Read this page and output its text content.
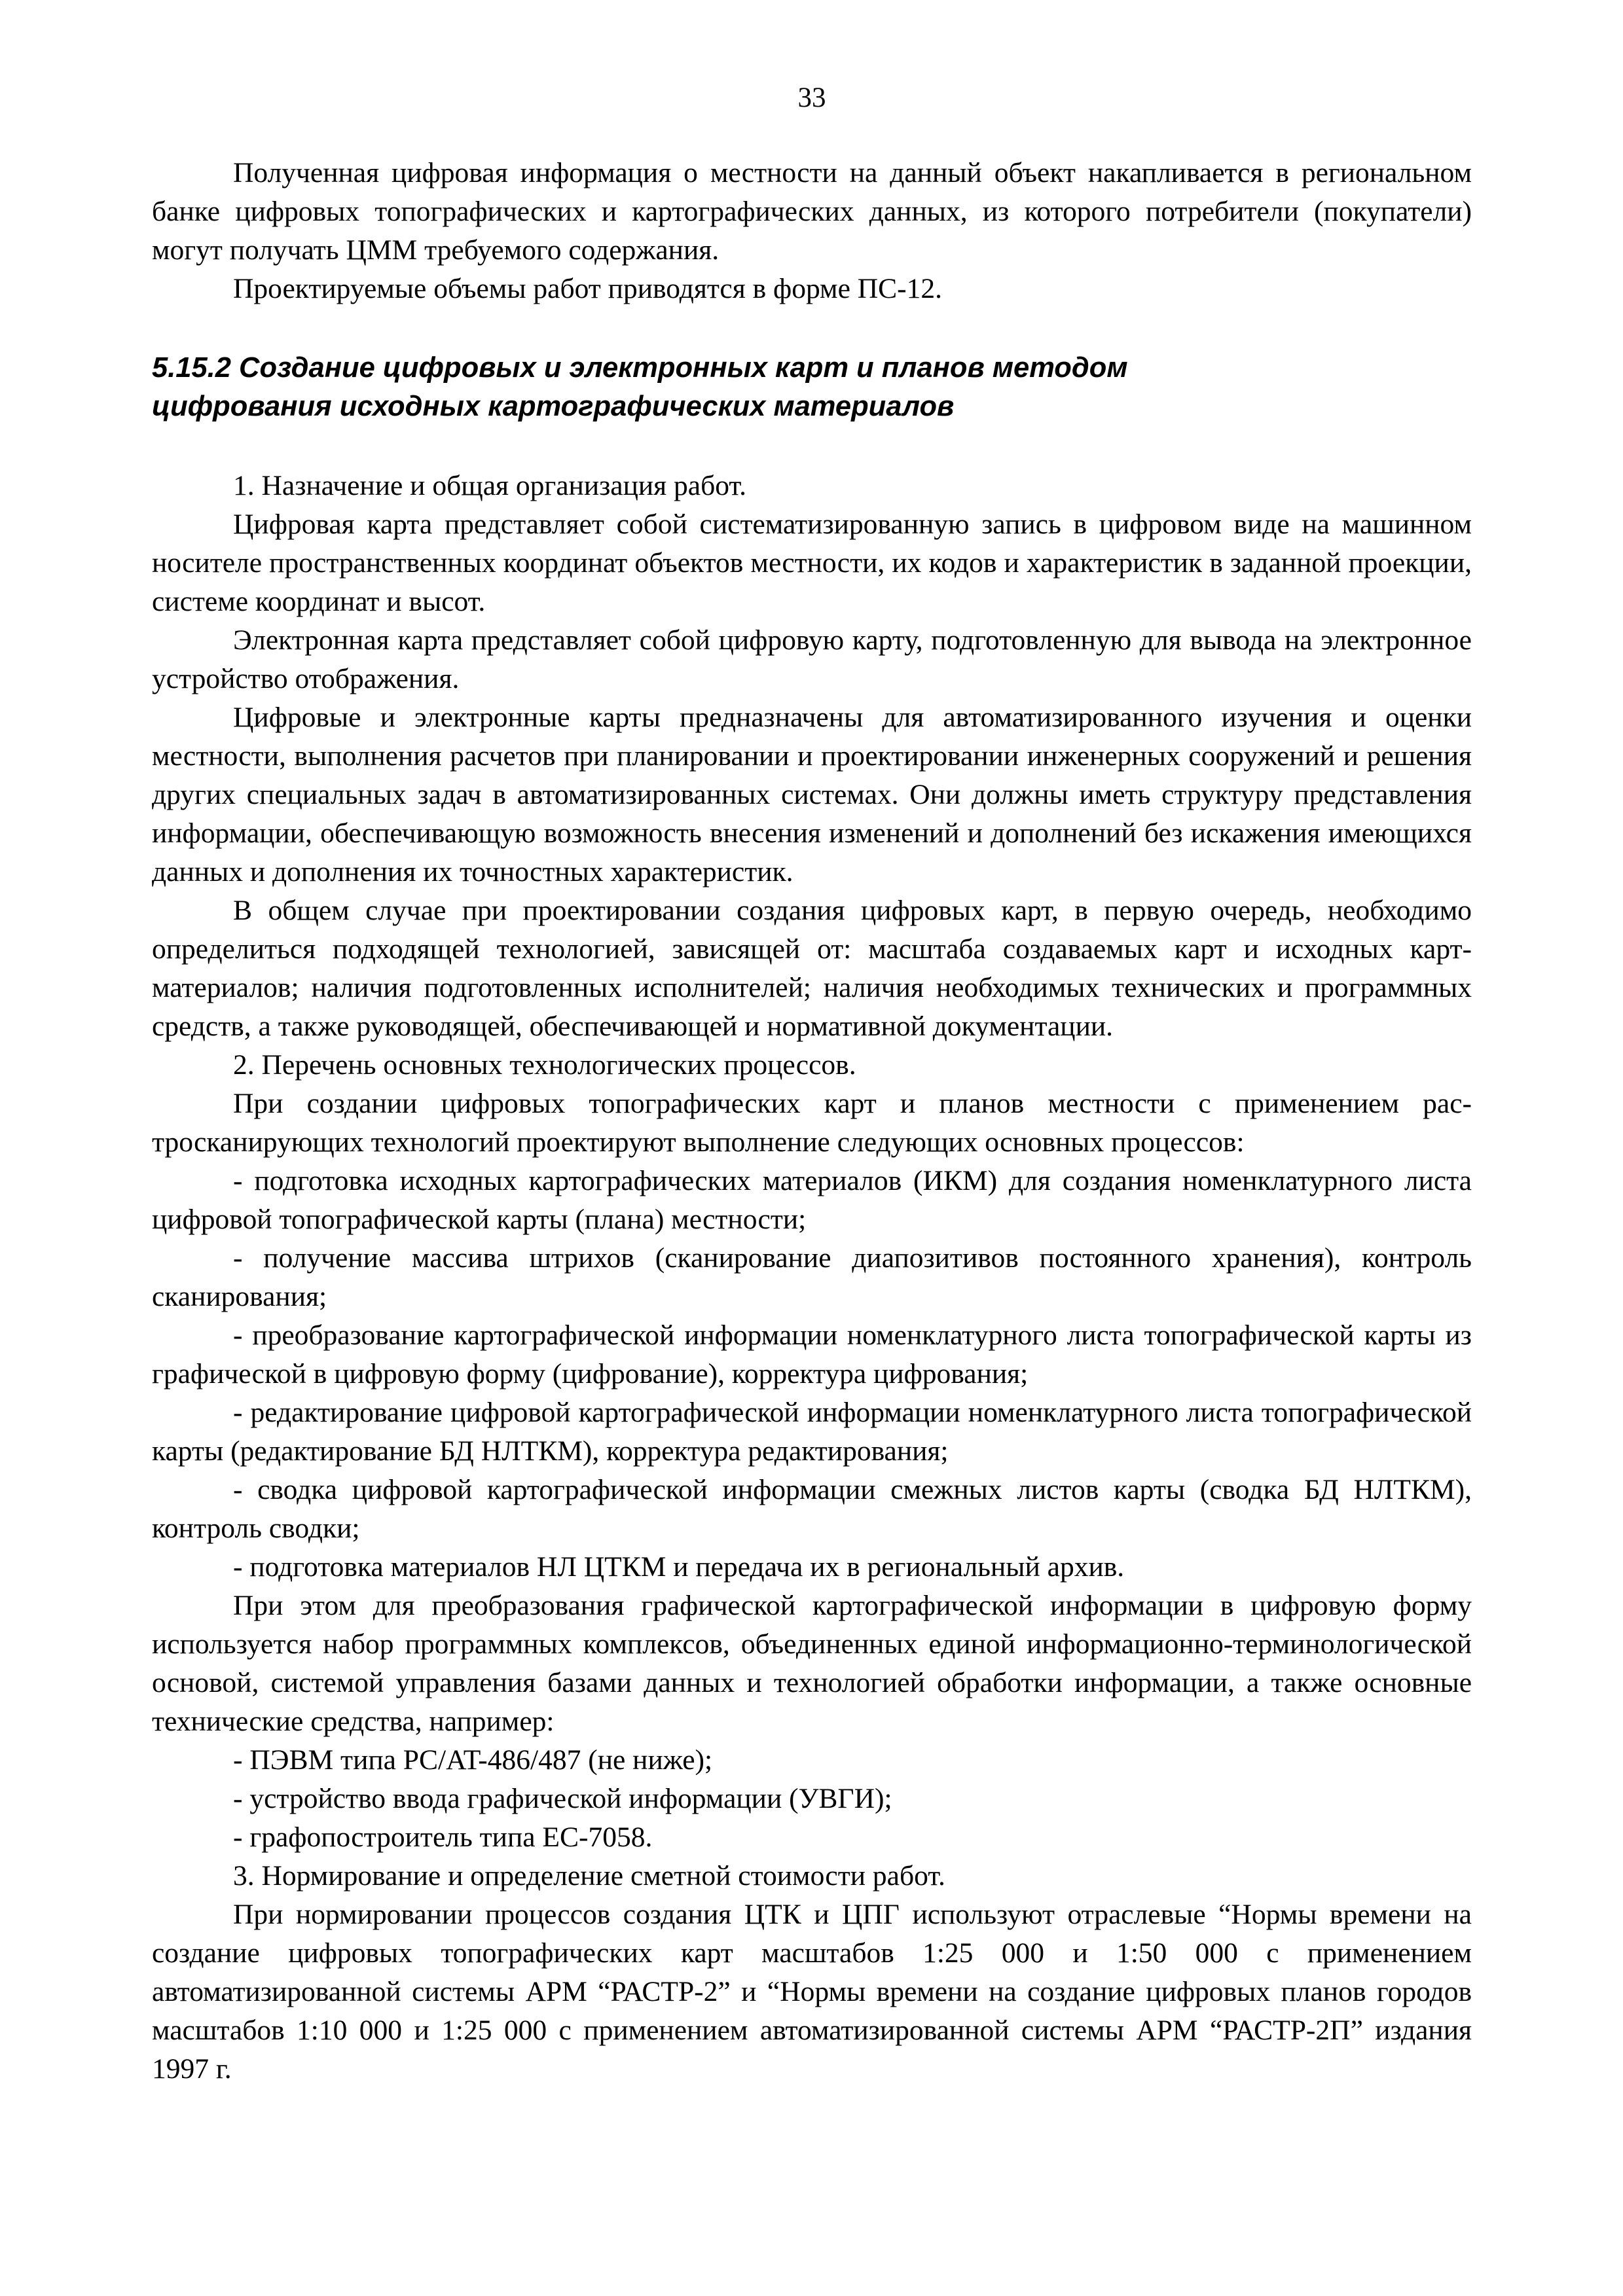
33

Полученная цифровая информация о местности на данный объект накапливается в региональном банке цифровых топографических и картографических данных, из которого потребители (покупатели) могут получать ЦММ требуемого содержания.

Проектируемые объемы работ приводятся в форме ПС-12.

5.15.2 Создание цифровых и электронных карт и планов методом
цифрования исходных картографических материалов

1. Назначение и общая организация работ.

Цифровая карта представляет собой систематизированную запись в цифровом виде на машинном носителе пространственных координат объектов местности, их кодов и характеристик в заданной проекции, системе координат и высот.

Электронная карта представляет собой цифровую карту, подготовленную для вывода на электронное устройство отображения.

Цифровые и электронные карты предназначены для автоматизированного изучения и оценки местности, выполнения расчетов при планировании и проектировании инженерных сооружений и решения других специальных задач в автоматизированных системах. Они должны иметь структуру представления информации, обеспечивающую возможность внесения изменений и дополнений без искажения имеющихся данных и дополнения их точностных характеристик.

В общем случае при проектировании создания цифровых карт, в первую очередь, необходимо определиться подходящей технологией, зависящей от: масштаба создаваемых карт и исходных карт-материалов; наличия подготовленных исполнителей; наличия необходимых технических и программных средств, а также руководящей, обеспечивающей и нормативной документации.

2. Перечень основных технологических процессов.

При создании цифровых топографических карт и планов местности с применением растросканирующих технологий проектируют выполнение следующих основных процессов:

- подготовка исходных картографических материалов (ИКМ) для создания номенклатурного листа цифровой топографической карты (плана) местности;

- получение массива штрихов (сканирование диапозитивов постоянного хранения), контроль сканирования;

- преобразование картографической информации номенклатурного листа топографической карты из графической в цифровую форму (цифрование), корректура цифрования;

- редактирование цифровой картографической информации номенклатурного листа топографической карты (редактирование БД НЛТКМ), корректура редактирования;

- сводка цифровой картографической информации смежных листов карты (сводка БД НЛТКМ), контроль сводки;

- подготовка материалов НЛ ЦТКМ и передача их в региональный архив.

При этом для преобразования графической картографической информации в цифровую форму используется набор программных комплексов, объединенных единой информационно-терминологической основой, системой управления базами данных и технологией обработки информации, а также основные технические средства, например:

- ПЭВМ типа PC/AT-486/487 (не ниже);

- устройство ввода графической информации (УВГИ);

- графопостроитель типа ЕС-7058.

3. Нормирование и определение сметной стоимости работ.

При нормировании процессов создания ЦТК и ЦПГ используют отраслевые “Нормы времени на создание цифровых топографических карт масштабов 1:25 000 и 1:50 000 с применением автоматизированной системы АРМ “РАСТР-2” и “Нормы времени на создание цифровых планов городов масштабов 1:10 000 и 1:25 000 с применением автоматизированной системы АРМ “РАСТР-2П” издания 1997 г.
